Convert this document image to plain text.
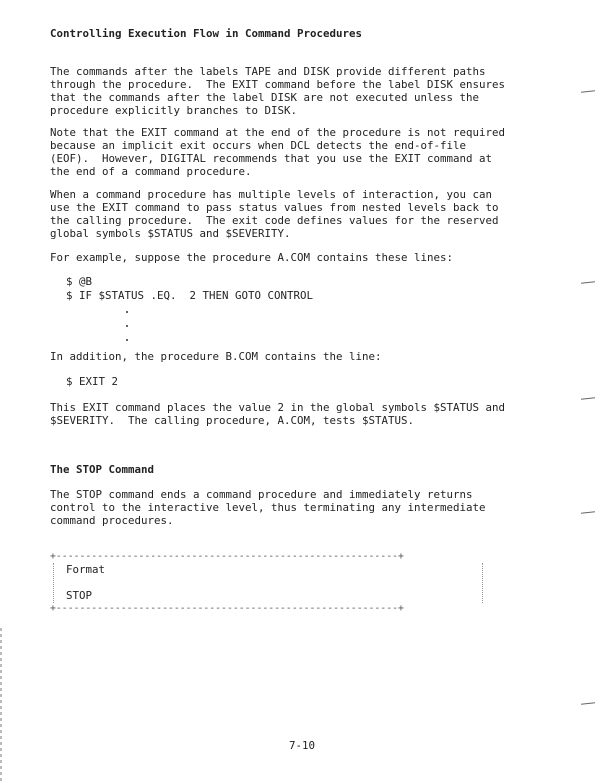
Controlling Execution Flow in Command Procedures
The commands after the labels TAPE and DISK provide different paths
through the procedure.  The EXIT command before the label DISK ensures
that the commands after the label DISK are not executed unless the
procedure explicitly branches to DISK.
Note that the EXIT command at the end of the procedure is not required
because an implicit exit occurs when DCL detects the end-of-file
(EOF).  However, DIGITAL recommends that you use the EXIT command at
the end of a command procedure.
When a command procedure has multiple levels of interaction, you can
use the EXIT command to pass status values from nested levels back to
the calling procedure.  The exit code defines values for the reserved
global symbols $STATUS and $SEVERITY.
For example, suppose the procedure A.COM contains these lines:
$ @B
$ IF $STATUS .EQ.  2 THEN GOTO CONTROL
In addition, the procedure B.COM contains the line:
$ EXIT 2
This EXIT command places the value 2 in the global symbols $STATUS and
$SEVERITY.  The calling procedure, A.COM, tests $STATUS.
The STOP Command
The STOP command ends a command procedure and immediately returns
control to the interactive level, thus terminating any intermediate
command procedures.
+----------------------------------------------------------+
Format
STOP
+----------------------------------------------------------+
7-10
